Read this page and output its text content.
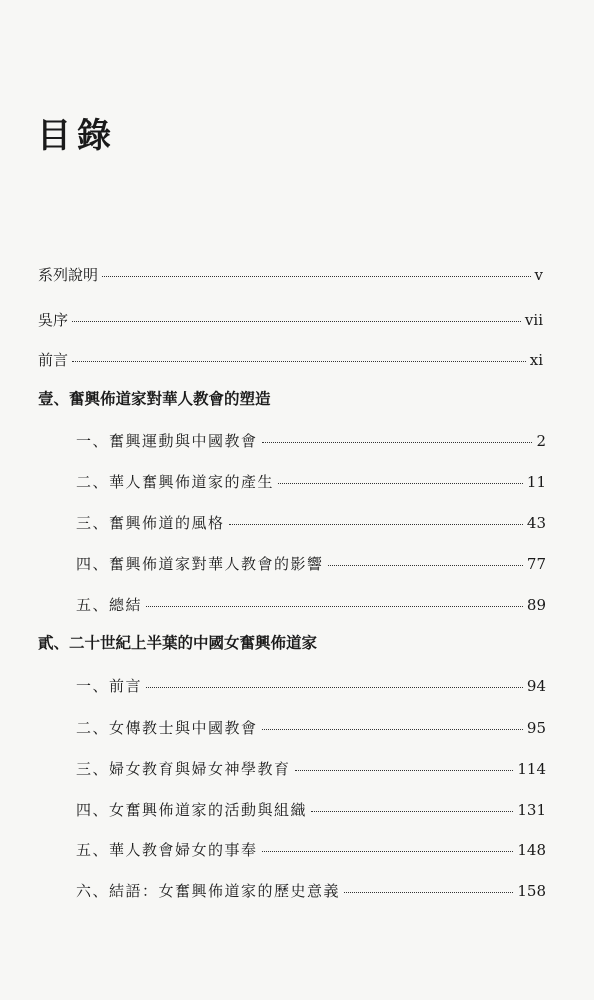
目錄
系列說明	v
吳序	vii
前言	xi
壹、奮興佈道家對華人教會的塑造
一、奮興運動與中國教會	2
二、華人奮興佈道家的產生	11
三、奮興佈道的風格	43
四、奮興佈道家對華人教會的影響	77
五、總結	89
貳、二十世紀上半葉的中國女奮興佈道家
一、前言	94
二、女傳教士與中國教會	95
三、婦女教育與婦女神學教育	114
四、女奮興佈道家的活動與組織	131
五、華人教會婦女的事奉	148
六、結語：女奮興佈道家的歷史意義	158
